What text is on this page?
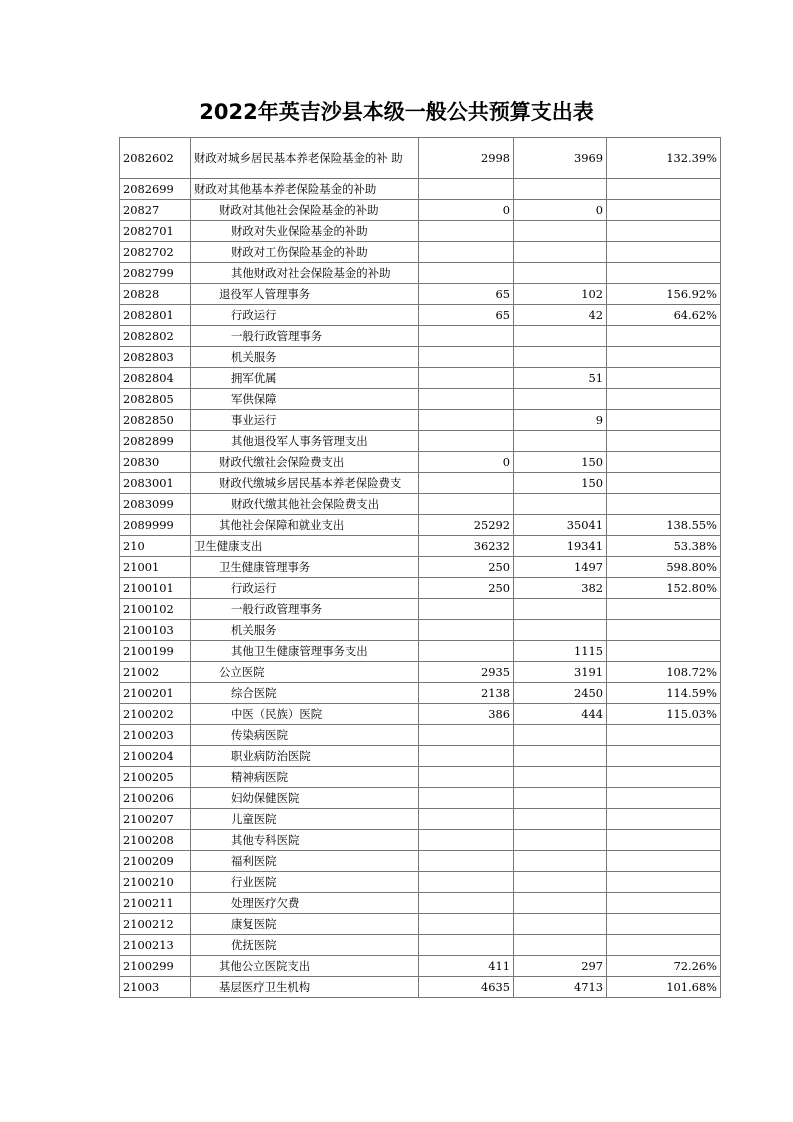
2022年英吉沙县本级一般公共预算支出表
2082602	财政对城乡居民基本养老保险基金的补 助	2998	3969	132.39%
2082699	财政对其他基本养老保险基金的补助			
20827	财政对其他社会保险基金的补助	0	0	
2082701	财政对失业保险基金的补助			
2082702	财政对工伤保险基金的补助			
2082799	其他财政对社会保险基金的补助			
20828	退役军人管理事务	65	102	156.92%
2082801	行政运行	65	42	64.62%
2082802	一般行政管理事务			
2082803	机关服务			
2082804	拥军优属		51	
2082805	军供保障			
2082850	事业运行		9	
2082899	其他退役军人事务管理支出			
20830	财政代缴社会保险费支出	0	150	
2083001	财政代缴城乡居民基本养老保险费支		150	
2083099	财政代缴其他社会保险费支出			
2089999	其他社会保障和就业支出	25292	35041	138.55%
210	卫生健康支出	36232	19341	53.38%
21001	卫生健康管理事务	250	1497	598.80%
2100101	行政运行	250	382	152.80%
2100102	一般行政管理事务			
2100103	机关服务			
2100199	其他卫生健康管理事务支出		1115	
21002	公立医院	2935	3191	108.72%
2100201	综合医院	2138	2450	114.59%
2100202	中医（民族）医院	386	444	115.03%
2100203	传染病医院			
2100204	职业病防治医院			
2100205	精神病医院			
2100206	妇幼保健医院			
2100207	儿童医院			
2100208	其他专科医院			
2100209	福利医院			
2100210	行业医院			
2100211	处理医疗欠费			
2100212	康复医院			
2100213	优抚医院			
2100299	其他公立医院支出	411	297	72.26%
21003	基层医疗卫生机构	4635	4713	101.68%
